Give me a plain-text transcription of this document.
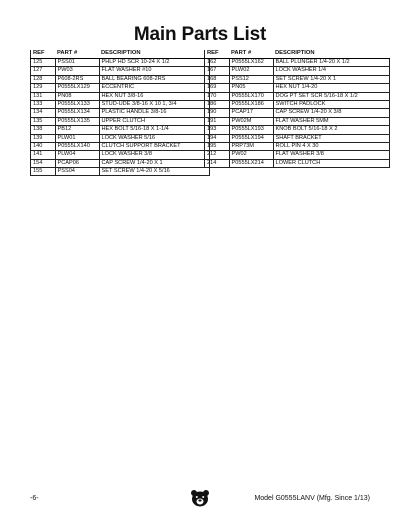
Main Parts List
REF	PART #	DESCRIPTION
125	PSS01	PHLP HD SCR 10-24 X 1/2
127	PW03	FLAT WASHER #10
128	P608-2RS	BALL BEARING 608-2RS
129	P0555LX129	ECCENTRIC
131	PN08	HEX NUT 3/8-16
133	P0555LX133	STUD-UDE 3/8-16 X 10 1, 3/4
134	P0555LX134	PLASTIC HANDLE 3/8-16
135	P0555LX135	UPPER CLUTCH
138	PB12	HEX BOLT 5/16-18 X 1-1/4
139	PLW01	LOCK WASHER 5/16
140	P0555LX140	CLUTCH SUPPORT BRACKET
141	PLW04	LOCK WASHER 3/8
154	PCAP06	CAP SCREW 1/4-20 X 1
155	PSS04	SET SCREW 1/4-20 X 5/16
REF	PART #	DESCRIPTION
162	P0555LX162	BALL PLUNGER 1/4-20 X 1/2
167	PLW02	LOCK WASHER 1/4
168	PSS12	SET SCREW 1/4-20 X 1
169	PN05	HEX NUT 1/4-20
170	P0555LX170	DOG PT SET SCR 5/16-18 X 1/2
186	P0555LX186	SWITCH PADLOCK
190	PCAP17	CAP SCREW 1/4-20 X 3/8
191	PW02M	FLAT WASHER 5MM
193	P0555LX193	KNOB BOLT 5/16-18 X 2
194	P0555LX194	SHAFT BRACKET
195	PRP73M	ROLL PIN 4 X 30
212	PW02	FLAT WASHER 3/8
214	P0555LX214	LOWER CLUTCH
-6-	Model G0555LANV (Mfg. Since 1/13)
